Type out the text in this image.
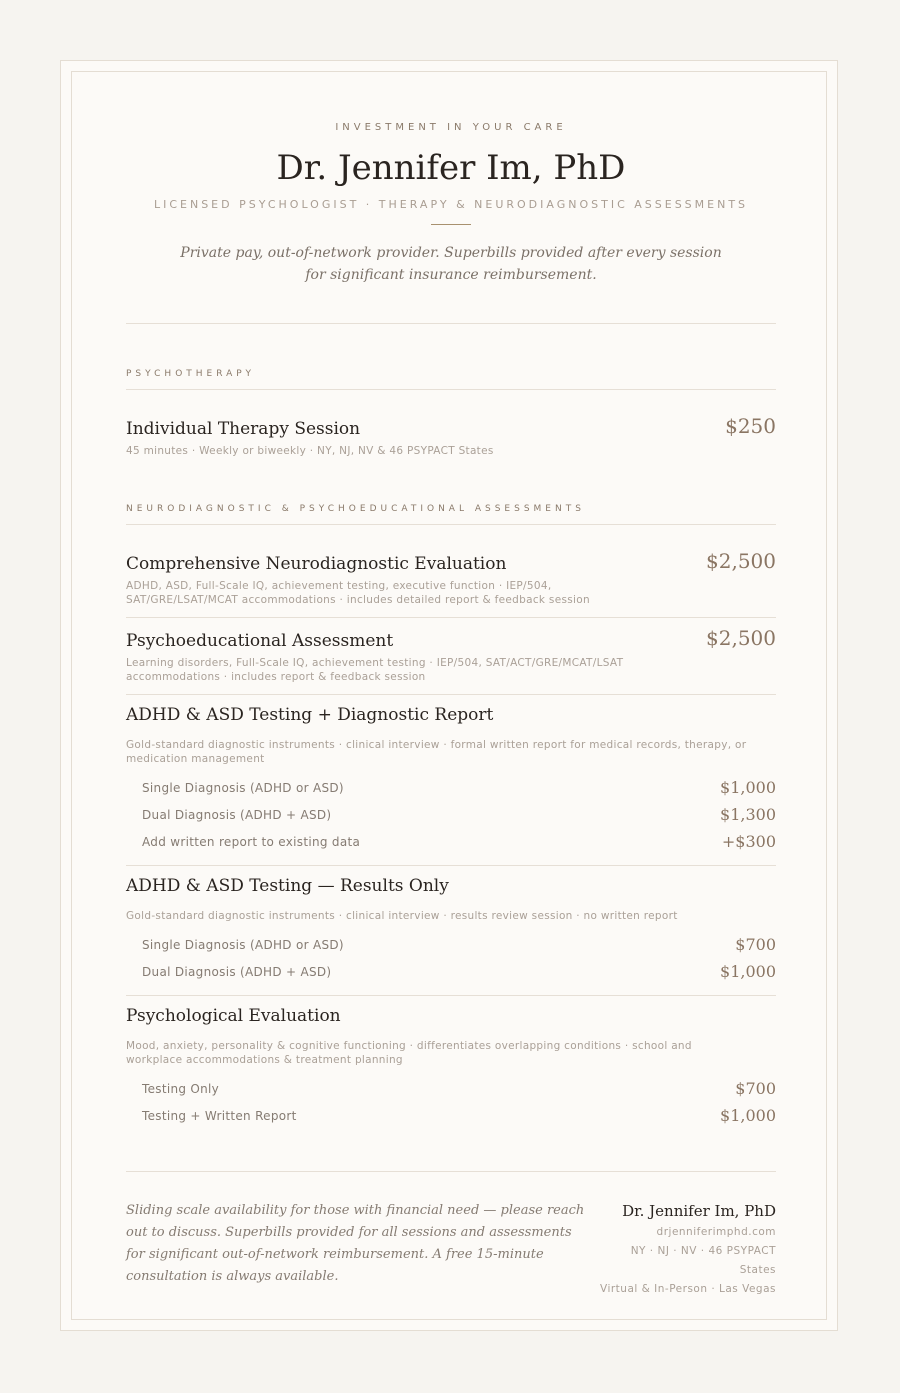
INVESTMENT IN YOUR CARE
Dr. Jennifer Im, PhD
LICENSED PSYCHOLOGIST · THERAPY & NEURODIAGNOSTIC ASSESSMENTS
Private pay, out-of-network provider. Superbills provided after every session
for significant insurance reimbursement.
PSYCHOTHERAPY
Individual Therapy Session	$250
45 minutes · Weekly or biweekly · NY, NJ, NV & 46 PSYPACT States
NEURODIAGNOSTIC & PSYCHOEDUCATIONAL ASSESSMENTS
Comprehensive Neurodiagnostic Evaluation	$2,500
ADHD, ASD, Full-Scale IQ, achievement testing, executive function · IEP/504,
SAT/GRE/LSAT/MCAT accommodations · includes detailed report & feedback session
Psychoeducational Assessment	$2,500
Learning disorders, Full-Scale IQ, achievement testing · IEP/504, SAT/ACT/GRE/MCAT/LSAT
accommodations · includes report & feedback session
ADHD & ASD Testing + Diagnostic Report
Gold-standard diagnostic instruments · clinical interview · formal written report for medical records, therapy, or
medication management
Single Diagnosis (ADHD or ASD)	$1,000
Dual Diagnosis (ADHD + ASD)	$1,300
Add written report to existing data	+$300
ADHD & ASD Testing — Results Only
Gold-standard diagnostic instruments · clinical interview · results review session · no written report
Single Diagnosis (ADHD or ASD)	$700
Dual Diagnosis (ADHD + ASD)	$1,000
Psychological Evaluation
Mood, anxiety, personality & cognitive functioning · differentiates overlapping conditions · school and
workplace accommodations & treatment planning
Testing Only	$700
Testing + Written Report	$1,000
Sliding scale availability for those with financial need — please reach
out to discuss. Superbills provided for all sessions and assessments
for significant out-of-network reimbursement. A free 15-minute
consultation is always available.
Dr. Jennifer Im, PhD
drjenniferimphd.com
NY · NJ · NV · 46 PSYPACT States
Virtual & In-Person · Las Vegas
